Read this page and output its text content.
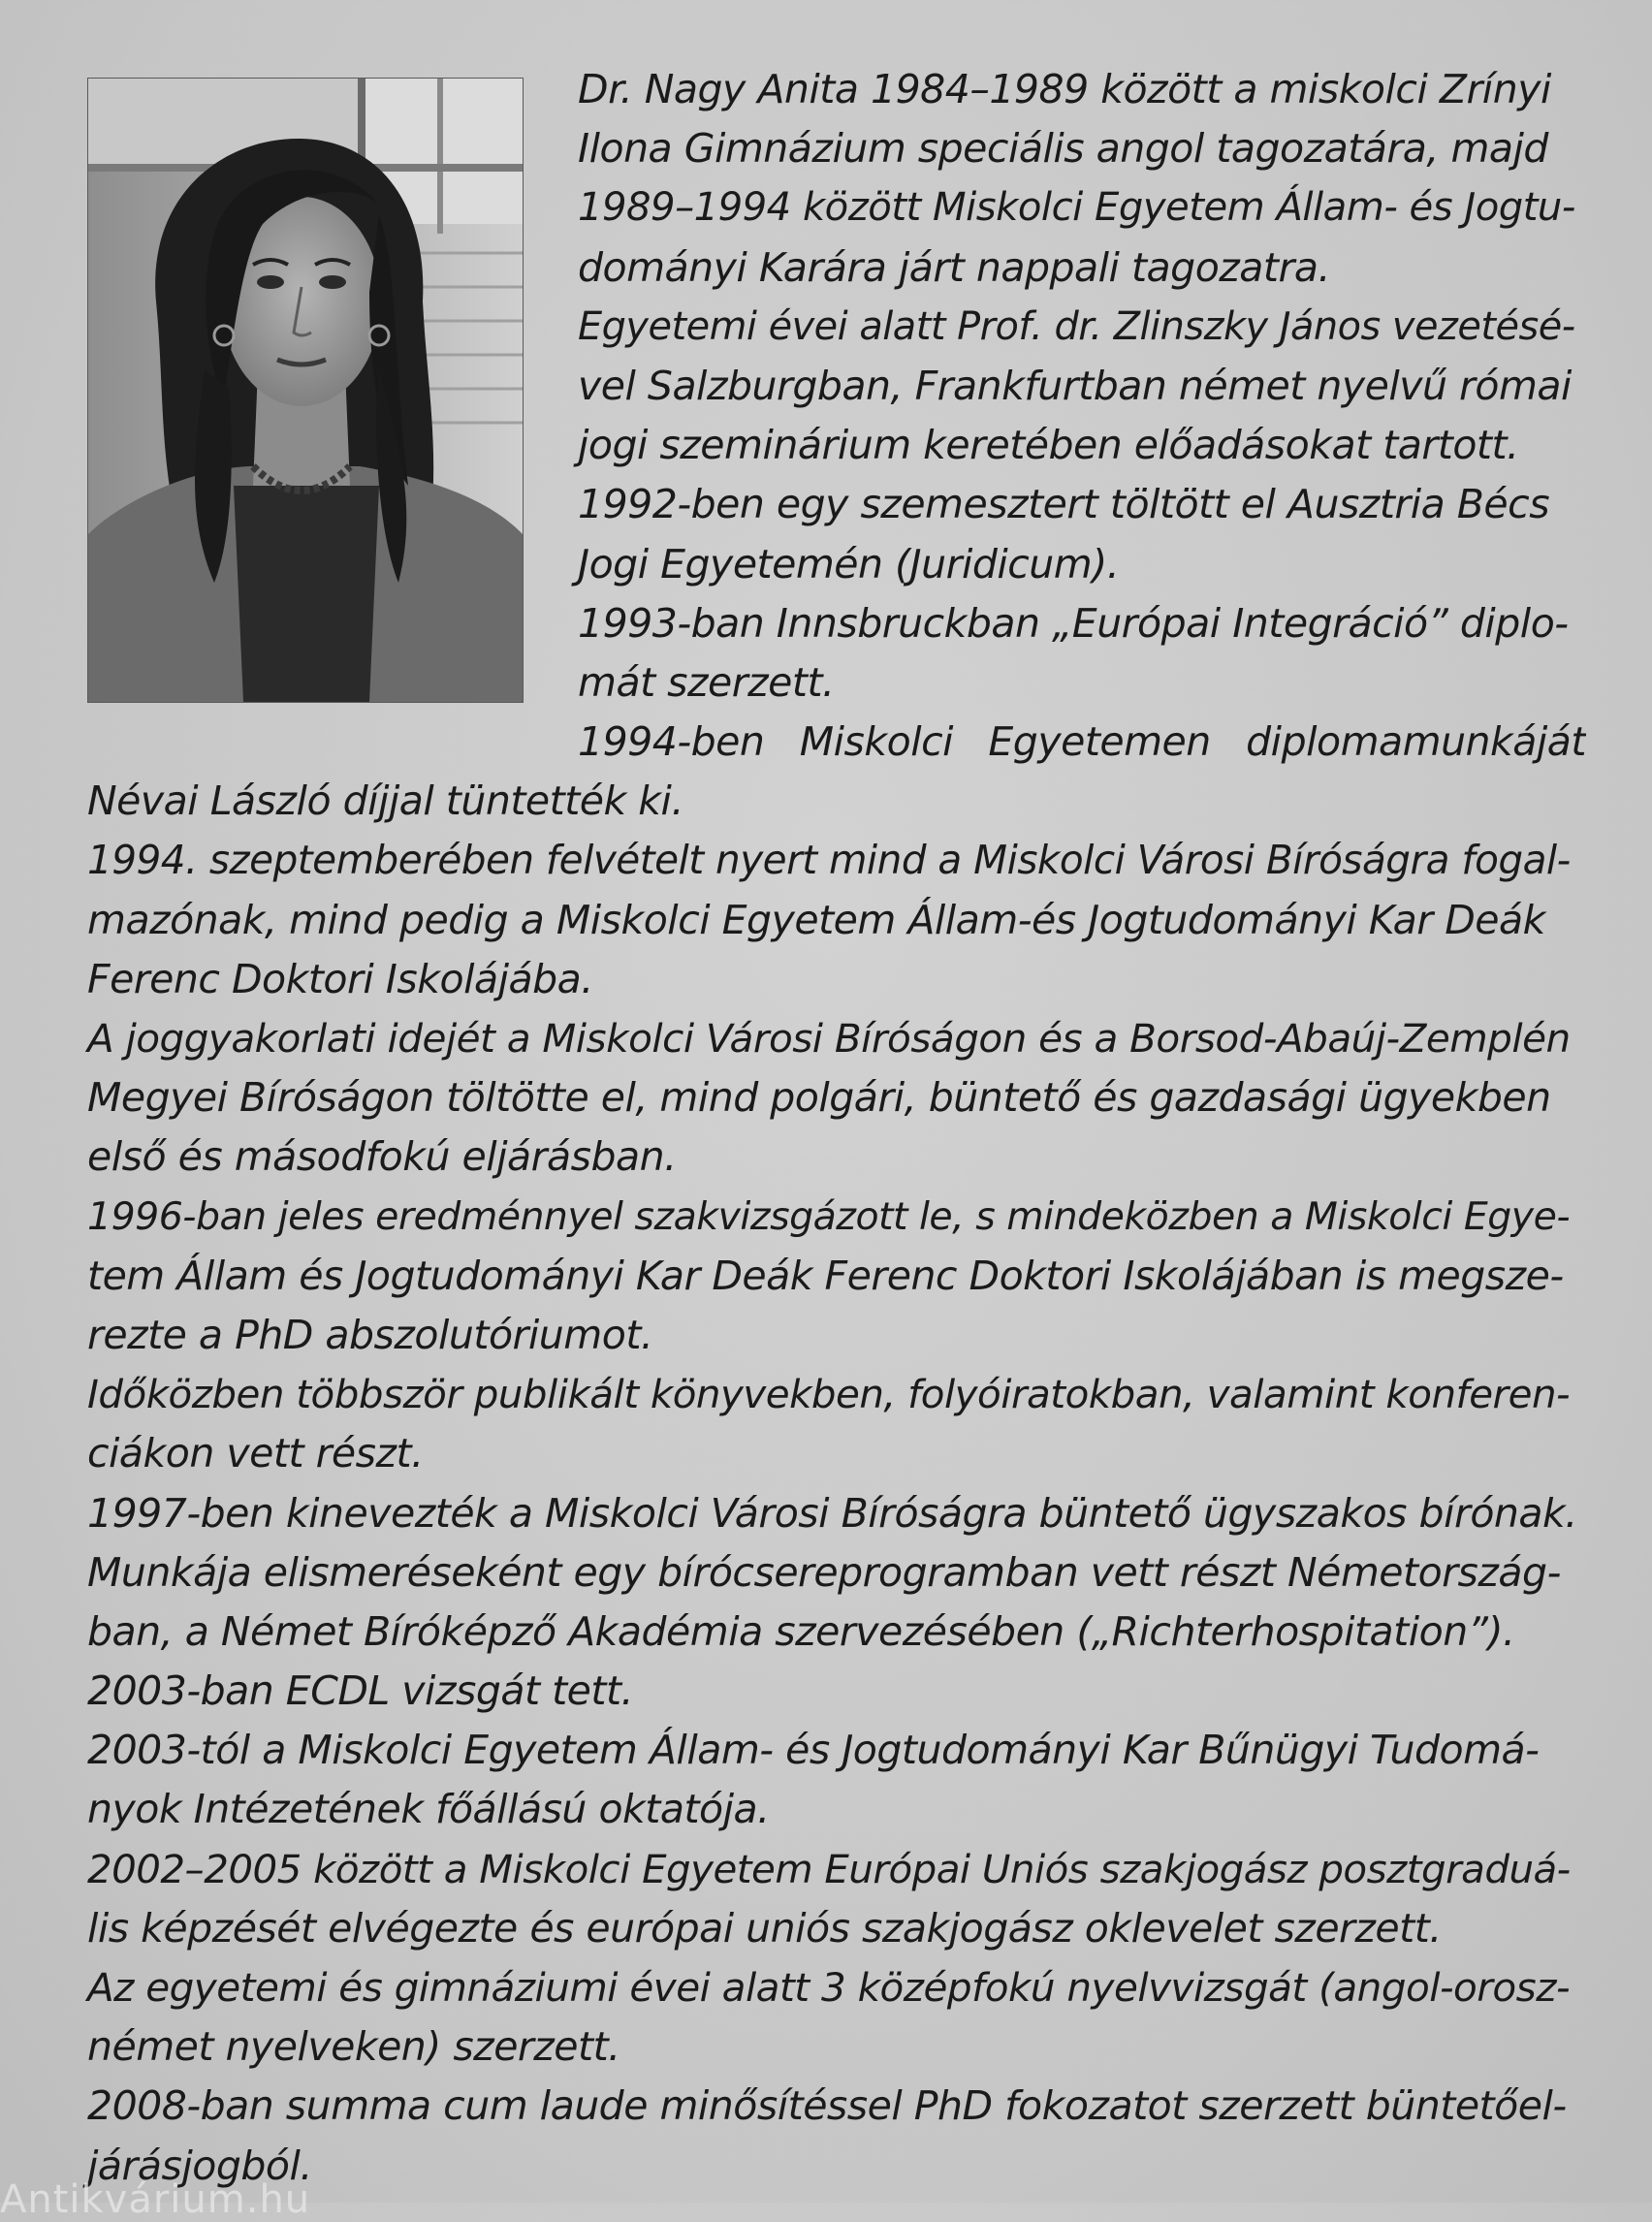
Dr. Nagy Anita 1984–1989 között a miskolci Zrínyi
Ilona Gimnázium speciális angol tagozatára, majd
1989–1994 között Miskolci Egyetem Állam- és Jogtu-
dományi Karára járt nappali tagozatra.
Egyetemi évei alatt Prof. dr. Zlinszky János vezetésé-
vel Salzburgban, Frankfurtban német nyelvű római
jogi szeminárium keretében előadásokat tartott.
1992-ben egy szemesztert töltött el Ausztria Bécs
Jogi Egyetemén (Juridicum).
1993-ban Innsbruckban „Európai Integráció” diplo-
mát szerzett.
1994-ben Miskolci Egyetemen diplomamunkáját
Névai László díjjal tüntették ki.
1994. szeptemberében felvételt nyert mind a Miskolci Városi Bíróságra fogal-
mazónak, mind pedig a Miskolci Egyetem Állam-és Jogtudományi Kar Deák
Ferenc Doktori Iskolájába.
A joggyakorlati idejét a Miskolci Városi Bíróságon és a Borsod-Abaúj-Zemplén
Megyei Bíróságon töltötte el, mind polgári, büntető és gazdasági ügyekben
első és másodfokú eljárásban.
1996-ban jeles eredménnyel szakvizsgázott le, s mindeközben a Miskolci Egye-
tem Állam és Jogtudományi Kar Deák Ferenc Doktori Iskolájában is megsze-
rezte a PhD abszolutóriumot.
Időközben többször publikált könyvekben, folyóiratokban, valamint konferen-
ciákon vett részt.
1997-ben kinevezték a Miskolci Városi Bíróságra büntető ügyszakos bírónak.
Munkája elismeréseként egy bírócsereprogramban vett részt Németország-
ban, a Német Bíróképző Akadémia szervezésében („Richterhospitation”).
2003-ban ECDL vizsgát tett.
2003-tól a Miskolci Egyetem Állam- és Jogtudományi Kar Bűnügyi Tudomá-
nyok Intézetének főállású oktatója.
2002–2005 között a Miskolci Egyetem Európai Uniós szakjogász posztgraduá-
lis képzését elvégezte és európai uniós szakjogász oklevelet szerzett.
Az egyetemi és gimnáziumi évei alatt 3 középfokú nyelvvizsgát (angol-orosz-
német nyelveken) szerzett.
2008-ban summa cum laude minősítéssel PhD fokozatot szerzett büntetőel-
járásjogból.
Antikvárium.hu
